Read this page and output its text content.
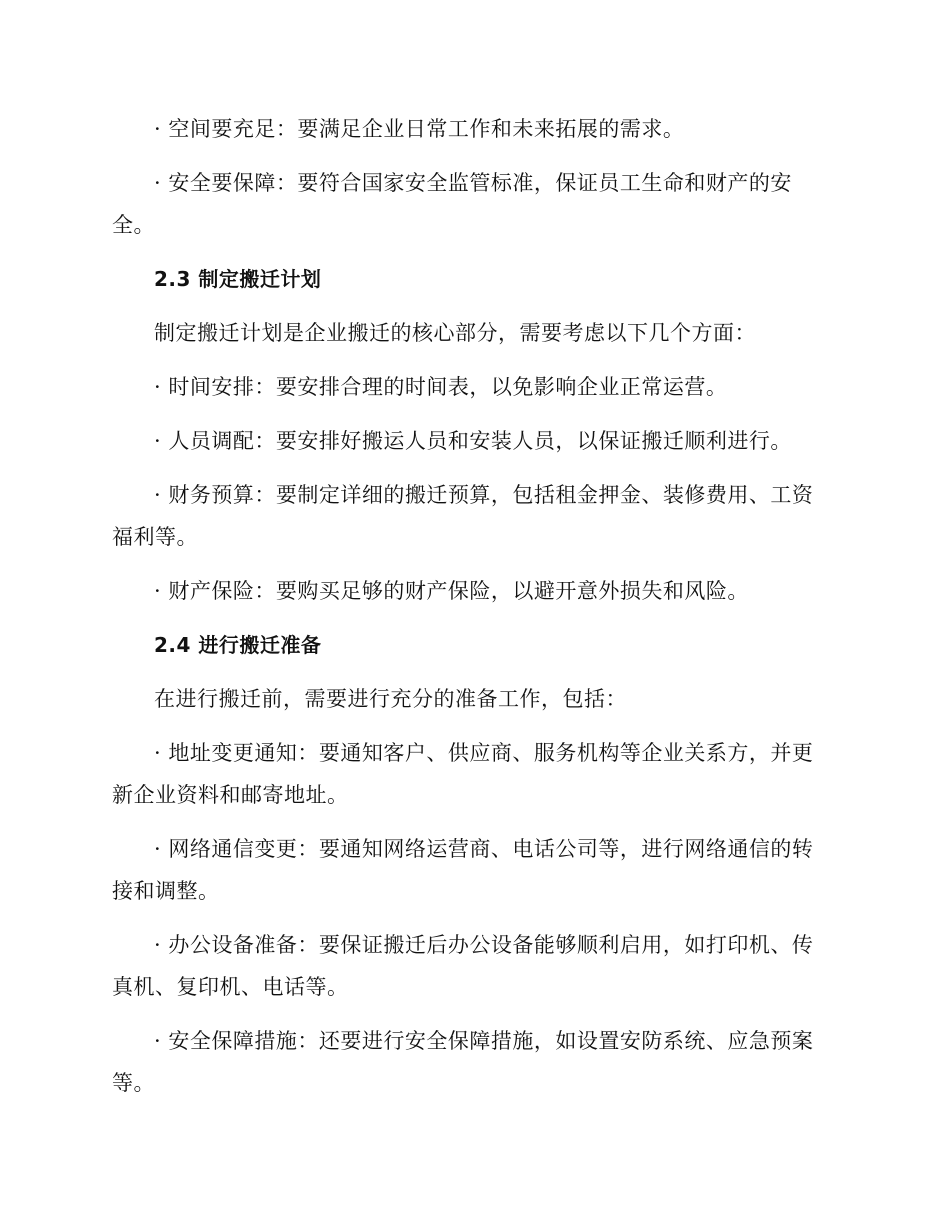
· 空间要充足：要满足企业日常工作和未来拓展的需求。

· 安全要保障：要符合国家安全监管标准，保证员工生命和财产的安全。

2.3 制定搬迁计划

制定搬迁计划是企业搬迁的核心部分，需要考虑以下几个方面：

· 时间安排：要安排合理的时间表，以免影响企业正常运营。

· 人员调配：要安排好搬运人员和安装人员，以保证搬迁顺利进行。

· 财务预算：要制定详细的搬迁预算，包括租金押金、装修费用、工资福利等。

· 财产保险：要购买足够的财产保险，以避开意外损失和风险。

2.4 进行搬迁准备

在进行搬迁前，需要进行充分的准备工作，包括：

· 地址变更通知：要通知客户、供应商、服务机构等企业关系方，并更新企业资料和邮寄地址。

· 网络通信变更：要通知网络运营商、电话公司等，进行网络通信的转接和调整。

· 办公设备准备：要保证搬迁后办公设备能够顺利启用，如打印机、传真机、复印机、电话等。

· 安全保障措施：还要进行安全保障措施，如设置安防系统、应急预案等。
